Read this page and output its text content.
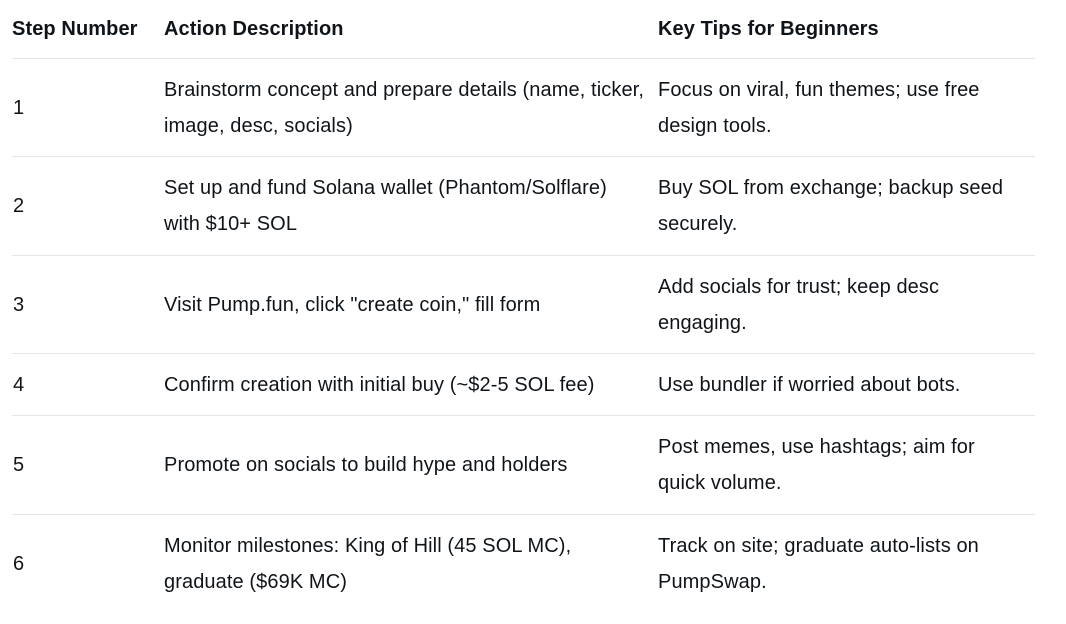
Step Number	Action Description	Key Tips for Beginners
1	Brainstorm concept and prepare details (name, ticker, image, desc, socials)	Focus on viral, fun themes; use free design tools.
2	Set up and fund Solana wallet (Phantom/Solflare) with $10+ SOL	Buy SOL from exchange; backup seed securely.
3	Visit Pump.fun, click "create coin," fill form	Add socials for trust; keep desc engaging.
4	Confirm creation with initial buy (~$2-5 SOL fee)	Use bundler if worried about bots.
5	Promote on socials to build hype and holders	Post memes, use hashtags; aim for quick volume.
6	Monitor milestones: King of Hill (45 SOL MC), graduate ($69K MC)	Track on site; graduate auto-lists on PumpSwap.
